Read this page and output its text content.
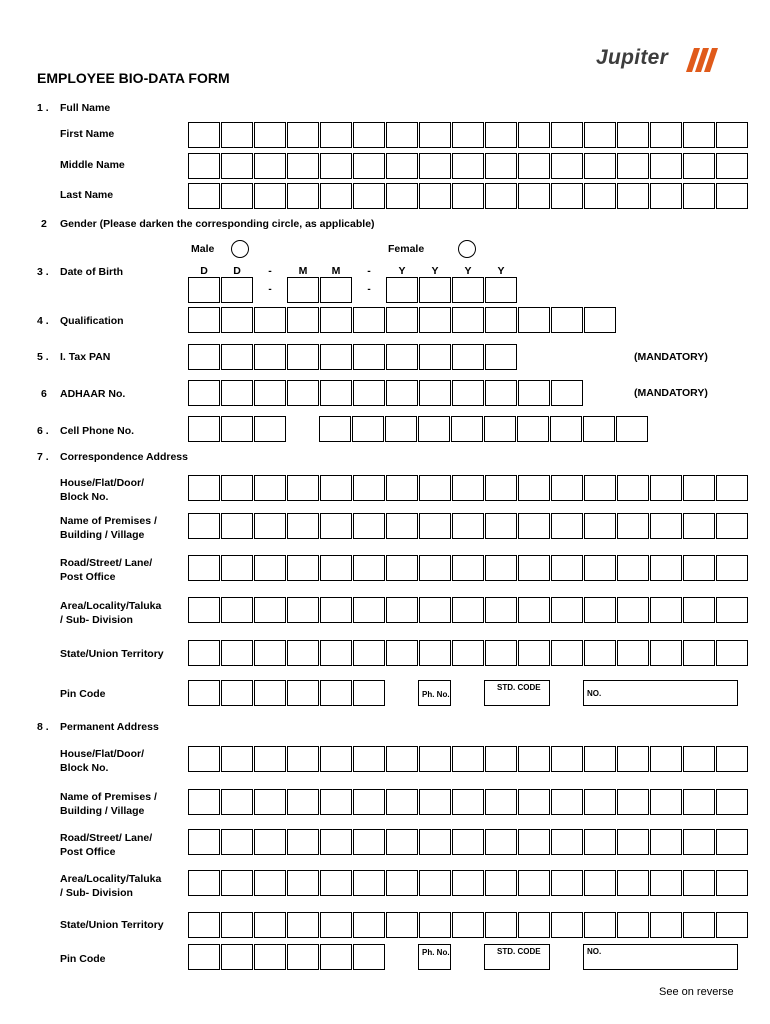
Jupiter
EMPLOYEE BIO-DATA FORM
1 . Full Name
First Name
Middle Name
Last Name
2 Gender (Please darken the corresponding circle, as applicable)
Male	Female
3 . Date of Birth	D	D	-	M	M	-	Y	Y	Y	Y
-	-
4 . Qualification
5 . I. Tax PAN	(MANDATORY)
6 ADHAAR No.	(MANDATORY)
6 . Cell Phone No.
7 . Correspondence Address
House/Flat/Door/
Block No.
Name of Premises /
Building / Village
Road/Street/ Lane/
Post Office
Area/Locality/Taluka
/ Sub- Division
State/Union Territory
Pin Code	Ph. No.
STD. CODE
NO.
8 . Permanent Address
House/Flat/Door/
Block No.
Name of Premises /
Building / Village
Road/Street/ Lane/
Post Office
Area/Locality/Taluka
/ Sub- Division
State/Union Territory
Pin Code
Ph. No.	STD. CODE	NO.
See on reverse
